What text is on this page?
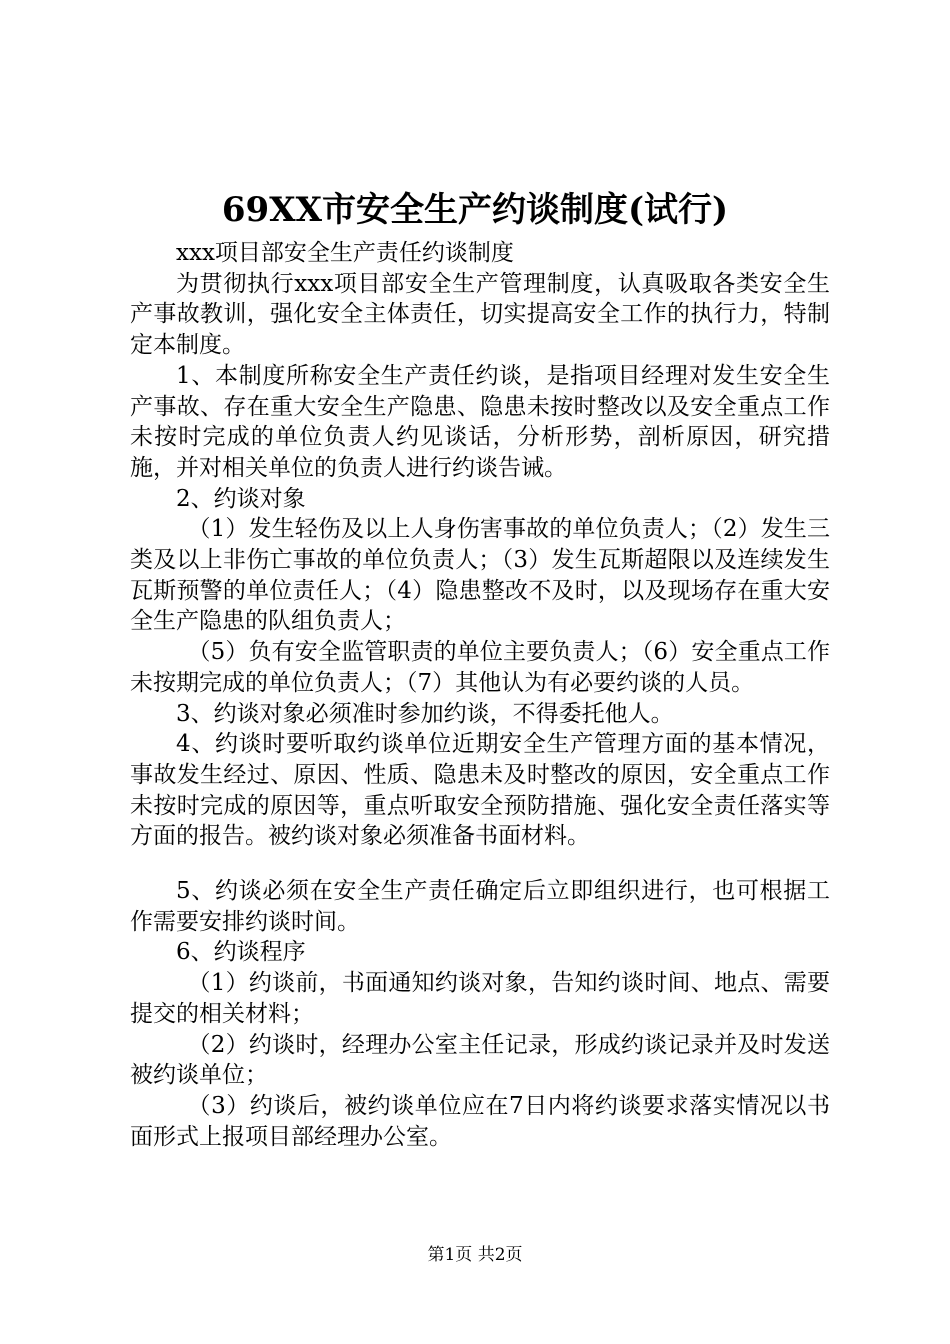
69XX市安全生产约谈制度(试行)

xxx项目部安全生产责任约谈制度

为贯彻执行xxx项目部安全生产管理制度，认真吸取各类安全生产事故教训，强化安全主体责任，切实提高安全工作的执行力，特制定本制度。

1、本制度所称安全生产责任约谈，是指项目经理对发生安全生产事故、存在重大安全生产隐患、隐患未按时整改以及安全重点工作未按时完成的单位负责人约见谈话，分析形势，剖析原因，研究措施，并对相关单位的负责人进行约谈告诫。

2、约谈对象

（1）发生轻伤及以上人身伤害事故的单位负责人；（2）发生三类及以上非伤亡事故的单位负责人；（3）发生瓦斯超限以及连续发生瓦斯预警的单位责任人；（4）隐患整改不及时，以及现场存在重大安全生产隐患的队组负责人；

（5）负有安全监管职责的单位主要负责人；（6）安全重点工作未按期完成的单位负责人；（7）其他认为有必要约谈的人员。

3、约谈对象必须准时参加约谈，不得委托他人。

4、约谈时要听取约谈单位近期安全生产管理方面的基本情况，事故发生经过、原因、性质、隐患未及时整改的原因，安全重点工作未按时完成的原因等，重点听取安全预防措施、强化安全责任落实等方面的报告。被约谈对象必须准备书面材料。

5、约谈必须在安全生产责任确定后立即组织进行，也可根据工作需要安排约谈时间。

6、约谈程序

（1）约谈前，书面通知约谈对象，告知约谈时间、地点、需要提交的相关材料；

（2）约谈时，经理办公室主任记录，形成约谈记录并及时发送被约谈单位；

（3）约谈后，被约谈单位应在7日内将约谈要求落实情况以书面形式上报项目部经理办公室。

第1页 共2页
